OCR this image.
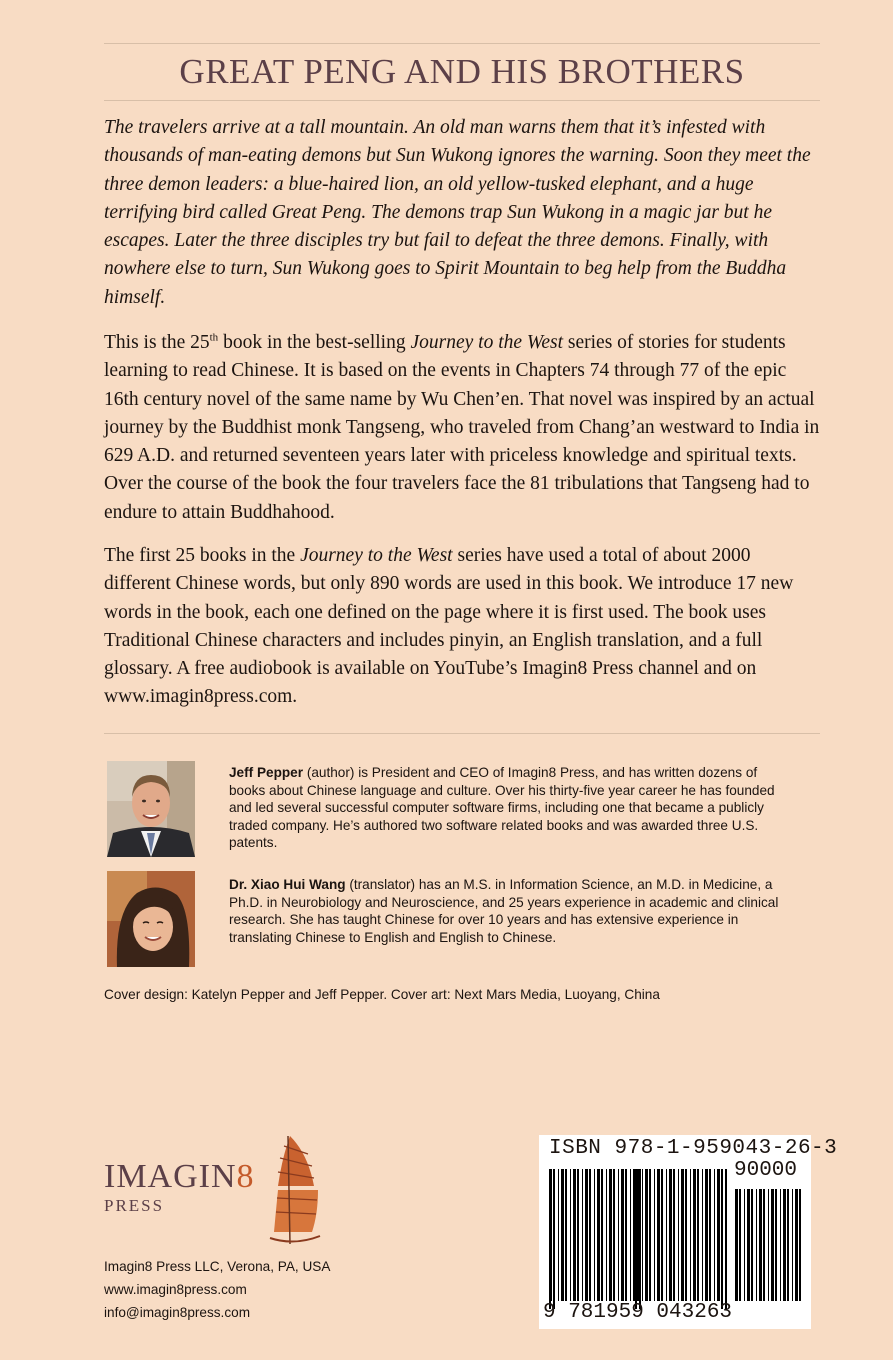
GREAT PENG AND HIS BROTHERS

The travelers arrive at a tall mountain. An old man warns them that it’s infested with thousands of man-eating demons but Sun Wukong ignores the warning. Soon they meet the three demon leaders: a blue-haired lion, an old yellow-tusked elephant, and a huge terrifying bird called Great Peng. The demons trap Sun Wukong in a magic jar but he escapes. Later the three disciples try but fail to defeat the three demons. Finally, with nowhere else to turn, Sun Wukong goes to Spirit Mountain to beg help from the Buddha himself.

This is the 25th book in the best-selling Journey to the West series of stories for students learning to read Chinese. It is based on the events in Chapters 74 through 77 of the epic 16th century novel of the same name by Wu Chen’en. That novel was inspired by an actual journey by the Buddhist monk Tangseng, who traveled from Chang’an westward to India in 629 A.D. and returned seventeen years later with priceless knowledge and spiritual texts. Over the course of the book the four travelers face the 81 tribulations that Tangseng had to endure to attain Buddhahood.

The first 25 books in the Journey to the West series have used a total of about 2000 different Chinese words, but only 890 words are used in this book. We introduce 17 new words in the book, each one defined on the page where it is first used. The book uses Traditional Chinese characters and includes pinyin, an English translation, and a full glossary. A free audiobook is available on YouTube’s Imagin8 Press channel and on www.imagin8press.com.

Jeff Pepper (author) is President and CEO of Imagin8 Press, and has written dozens of books about Chinese language and culture. Over his thirty-five year career he has founded and led several successful computer software firms, including one that became a publicly traded company. He’s authored two software related books and was awarded three U.S. patents.

Dr. Xiao Hui Wang (translator) has an M.S. in Information Science, an M.D. in Medicine, a Ph.D. in Neurobiology and Neuroscience, and 25 years experience in academic and clinical research. She has taught Chinese for over 10 years and has extensive experience in translating Chinese to English and English to Chinese.

Cover design: Katelyn Pepper and Jeff Pepper. Cover art: Next Mars Media, Luoyang, China

IMAGIN8

PRESS

Imagin8 Press LLC, Verona, PA, USA

www.imagin8press.com

info@imagin8press.com

ISBN 978-1-959043-26-3

90000

9 781959 043263
